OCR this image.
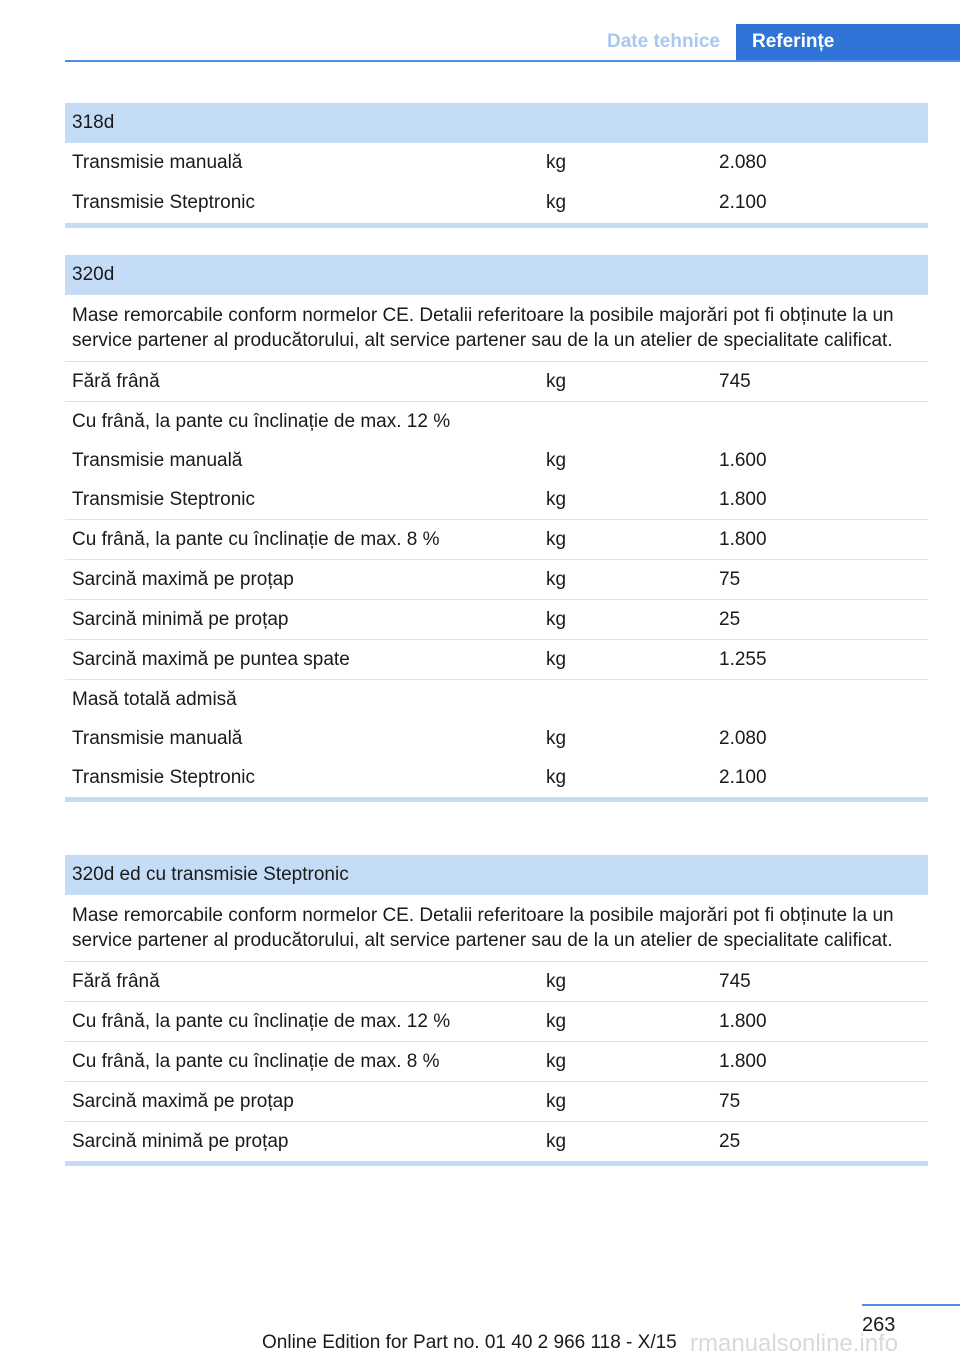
Date tehnice	Referințe
318d
Transmisie manuală	kg	2.080
Transmisie Steptronic	kg	2.100
320d
Mase remorcabile conform normelor CE. Detalii referitoare la posibile majorări pot fi obținute la un service partener al producătorului, alt service partener sau de la un atelier de specialitate calificat.
Fără frână	kg	745
Cu frână, la pante cu înclinație de max. 12 %
Transmisie manuală	kg	1.600
Transmisie Steptronic	kg	1.800
Cu frână, la pante cu înclinație de max. 8 %	kg	1.800
Sarcină maximă pe proțap	kg	75
Sarcină minimă pe proțap	kg	25
Sarcină maximă pe puntea spate	kg	1.255
Masă totală admisă
Transmisie manuală	kg	2.080
Transmisie Steptronic	kg	2.100
320d ed cu transmisie Steptronic
Mase remorcabile conform normelor CE. Detalii referitoare la posibile majorări pot fi obținute la un service partener al producătorului, alt service partener sau de la un atelier de specialitate calificat.
Fără frână	kg	745
Cu frână, la pante cu înclinație de max. 12 %	kg	1.800
Cu frână, la pante cu înclinație de max. 8 %	kg	1.800
Sarcină maximă pe proțap	kg	75
Sarcină minimă pe proțap	kg	25
263
rmanualsonline.info
Online Edition for Part no. 01 40 2 966 118 - X/15
